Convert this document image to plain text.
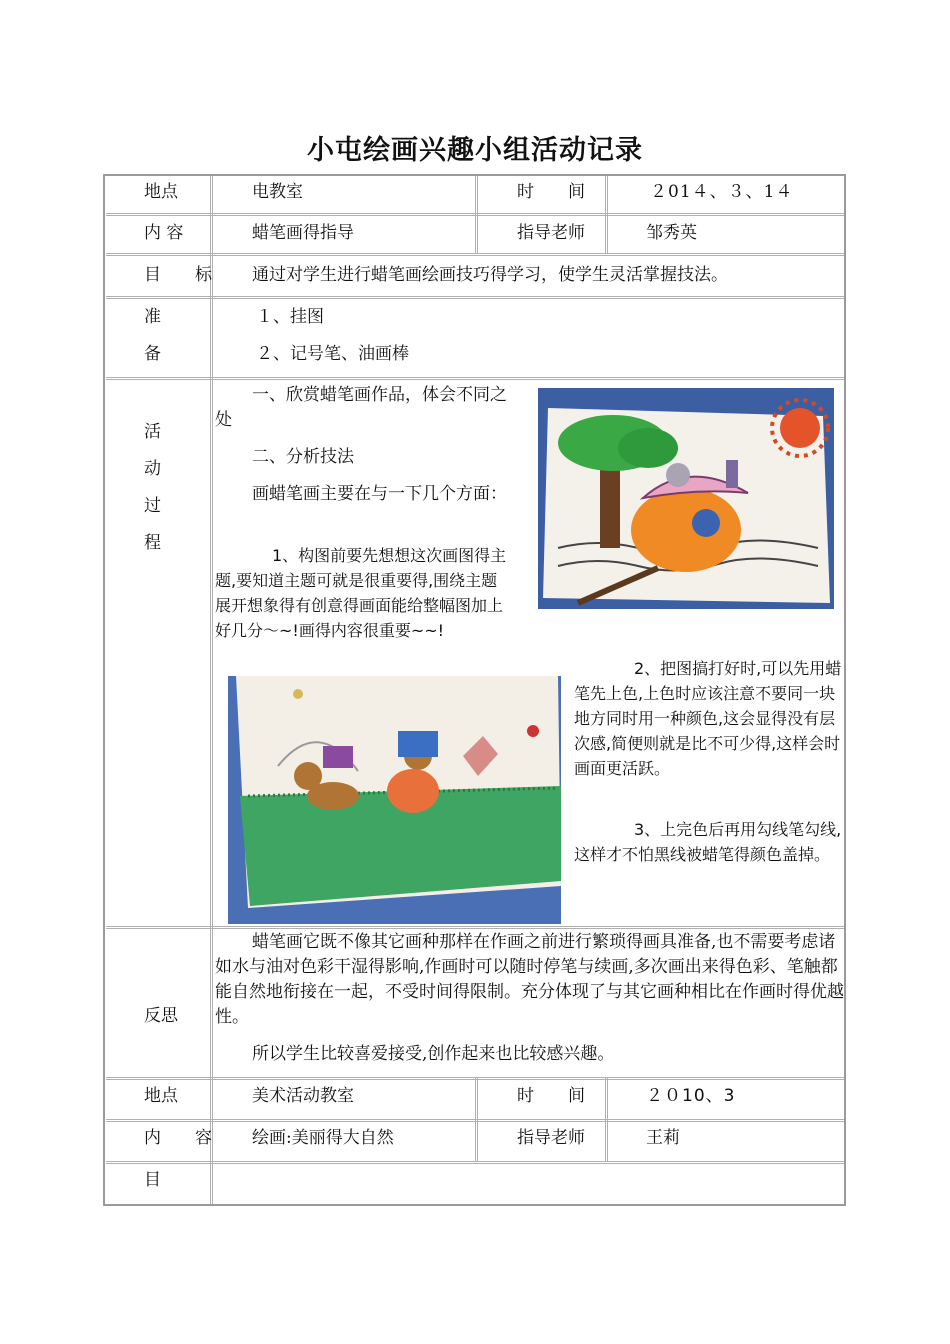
小屯绘画兴趣小组活动记录
地点	电教室	时　　间	２01４、３、1４
内 容	蜡笔画得指导	指导老师	邹秀英
目　　标 通过对学生进行蜡笔画绘画技巧得学习，使学生灵活掌握技法。
准
备
１、挂图
２、记号笔、油画棒
活
动
过
程
一、欣赏蜡笔画作品，体会不同之处
二、分析技法
画蜡笔画主要在与一下几个方面：
1、构图前要先想想这次画图得主题,要知道主题可就是很重要得,围绕主题展开想象得有创意得画面能给整幅图加上好几分～~!画得内容很重要~~!
2、把图搞打好时,可以先用蜡笔先上色,上色时应该注意不要同一块地方同时用一种颜色,这会显得没有层次感,简便则就是比不可少得,这样会时画面更活跃。
3、上完色后再用勾线笔勾线,这样才不怕黑线被蜡笔得颜色盖掉。
反思
蜡笔画它既不像其它画种那样在作画之前进行繁琐得画具准备,也不需要考虑诸如水与油对色彩干湿得影响,作画时可以随时停笔与续画,多次画出来得色彩、笔触都能自然地衔接在一起，不受时间得限制。充分体现了与其它画种相比在作画时得优越性。
所以学生比较喜爱接受,创作起来也比较感兴趣。
地点	美术活动教室	时　　间	２０10、3
内　　容 绘画:美丽得大自然	指导老师	王莉
目
